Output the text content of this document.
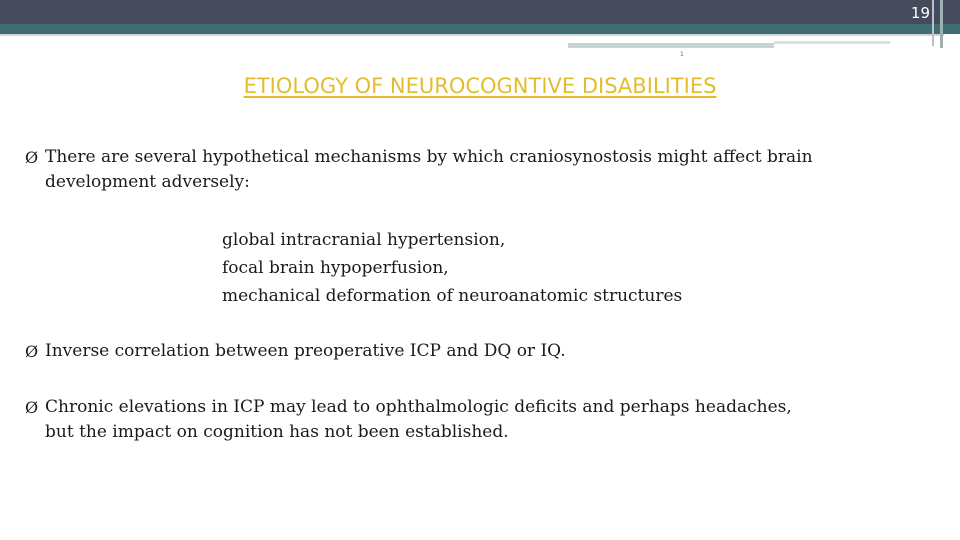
19
1
ETIOLOGY OF NEUROCOGNTIVE DISABILITIES
Ø There are several hypothetical mechanisms by which craniosynostosis might affect brain development adversely:
global intracranial hypertension,
focal brain hypoperfusion,
mechanical deformation of neuroanatomic structures
Ø Inverse correlation between preoperative ICP and DQ or IQ.
Ø Chronic elevations in ICP may lead to ophthalmologic deficits and perhaps headaches, but the impact on cognition has not been established.
